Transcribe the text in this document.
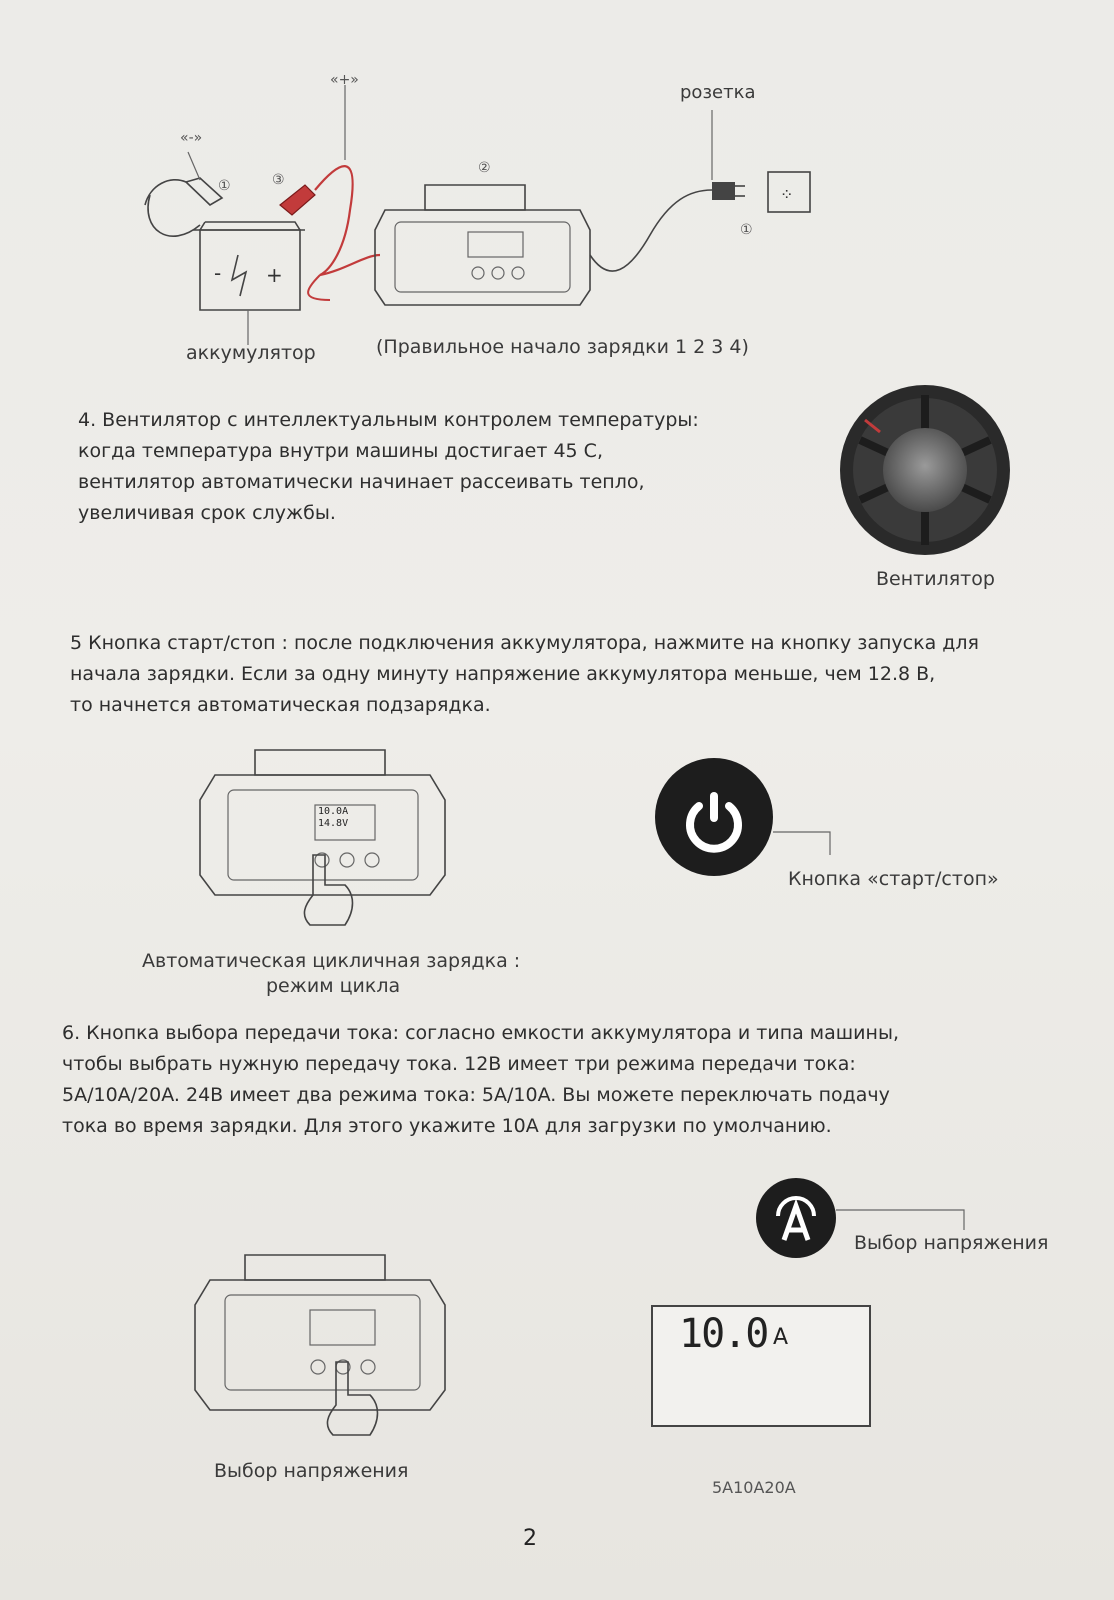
- +
⁘
«-»
«+»
розетка
①
②
③
①
аккумулятор	(Правильное начало зарядки 1 2 3 4)
4. Вентилятор с интеллектуальным контролем температуры:
когда температура внутри машины достигает 45 С,
вентилятор автоматически начинает рассеивать тепло,
увеличивая срок службы.
Вентилятор
5 Кнопка старт/стоп : после подключения аккумулятора, нажмите на кнопку запуска для
начала зарядки. Если за одну минуту напряжение аккумулятора меньше, чем 12.8 В,
то начнется автоматическая подзарядка.
10.0A
14.8V
Кнопка «старт/стоп»
Автоматическая цикличная зарядка :
режим цикла
6. Кнопка выбора передачи тока: согласно емкости аккумулятора и типа машины,
чтобы выбрать нужную передачу тока. 12В имеет три режима передачи тока:
5A/10A/20A. 24В имеет два режима тока: 5A/10A. Вы можете переключать подачу
тока во время зарядки. Для этого укажите 10A для загрузки по умолчанию.
Выбор напряжения
10.0 A
Выбор напряжения
5A10A20A
2
